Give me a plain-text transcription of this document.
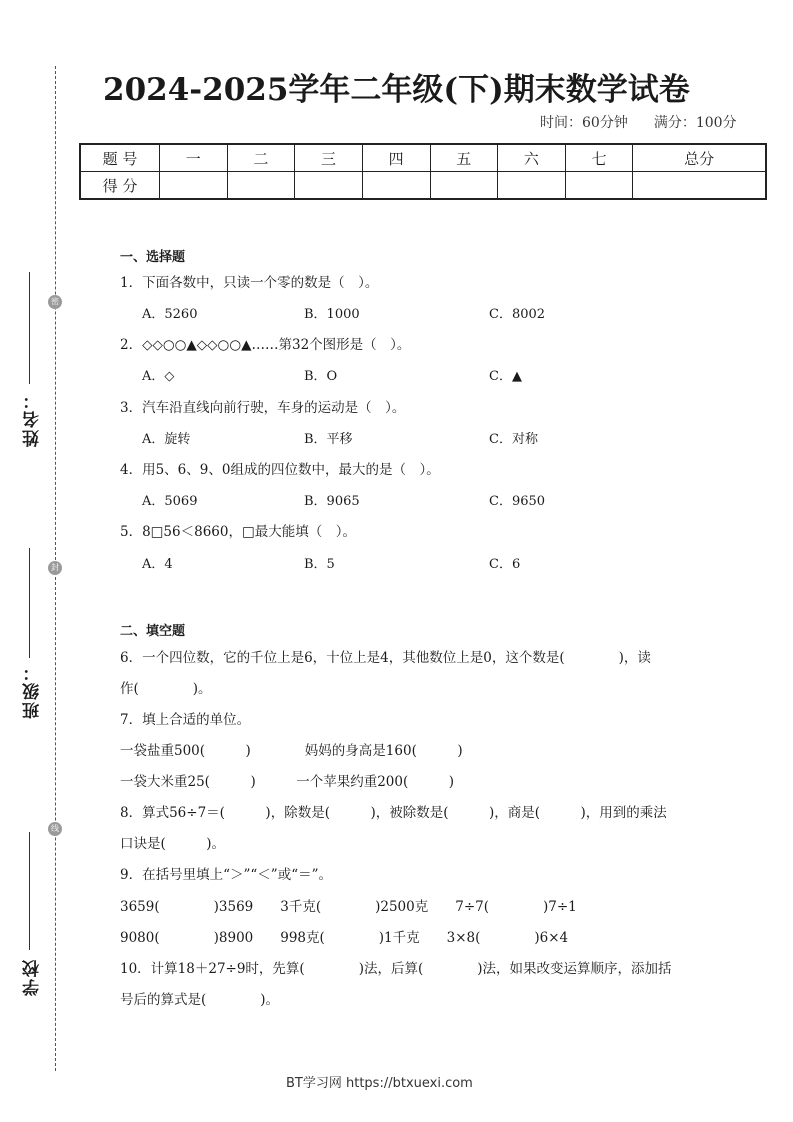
密
封
线
姓名：
班级：
学校
2024-2025学年二年级(下)期末数学试卷
时间：60分钟 满分：100分
题 号	一	二	三	四	五	六	七	总分
得 分								
一、选择题
1．下面各数中，只读一个零的数是（　）。
A．5260	B．1000	C．8002
2．◇◇○○▲◇◇○○▲……第32个图形是（　）。
A．◇	B．O	C．▲
3．汽车沿直线向前行驶，车身的运动是（　）。
A．旋转	B．平移	C．对称
4．用5、6、9、0组成的四位数中，最大的是（　）。
A．5069	B．9065	C．9650
5．8□56＜8660，□最大能填（　）。
A．4	B．5	C．6
二、填空题
6．一个四位数，它的千位上是6，十位上是4，其他数位上是0，这个数是(　　　　)，读
作(　　　　)。
7．填上合适的单位。
一袋盐重500(　　　)　　　　妈妈的身高是160(　　　)
一袋大米重25(　　　)　　　一个苹果约重200(　　　)
8．算式56÷7＝(　　　)，除数是(　　　)，被除数是(　　　)，商是(　　　)，用到的乘法
口诀是(　　　)。
9．在括号里填上“＞”“＜”或“＝”。
3659(　　　　)3569　　3千克(　　　　)2500克　　7÷7(　　　　)7÷1
9080(　　　　)8900　　998克(　　　　)1千克　　3×8(　　　　)6×4
10．计算18＋27÷9时，先算(　　　　)法，后算(　　　　)法，如果改变运算顺序，添加括
号后的算式是(　　　　)。
BT学习网 https://btxuexi.com
